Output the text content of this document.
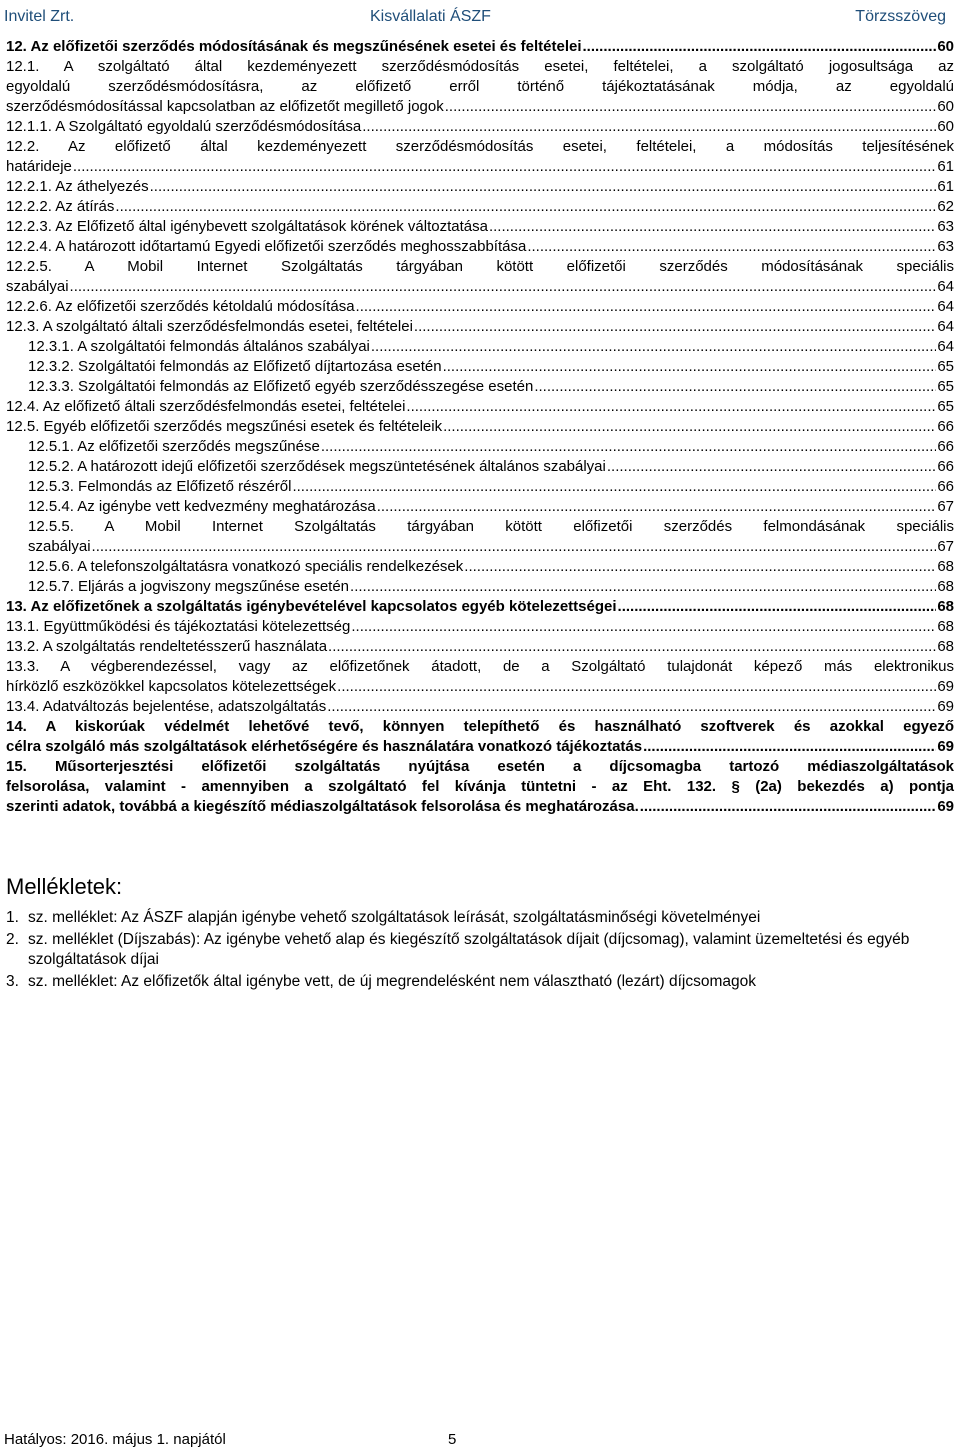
Invitel Zrt.	Kisvállalati ÁSZF	Törzsszöveg
12. Az előfizetői szerződés módosításának és megszűnésének esetei és feltételei .....	60
12.1. A szolgáltató által kezdeményezett szerződésmódosítás esetei, feltételei, a szolgáltató jogosultsága az
egyoldalú szerződésmódosításra, az előfizető erről történő tájékoztatásának módja, az egyoldalú
szerződésmódosítással kapcsolatban az előfizetőt megillető jogok .....	60
12.1.1. A Szolgáltató egyoldalú szerződésmódosítása .....	60
12.2. Az előfizető által kezdeményezett szerződésmódosítás esetei, feltételei, a módosítás teljesítésének
határideje .....	61
12.2.1. Az áthelyezés .....	61
12.2.2. Az átírás .....	62
12.2.3. Az Előfizető által igénybevett szolgáltatások körének változtatása .....	63
12.2.4. A határozott időtartamú Egyedi előfizetői szerződés meghosszabbítása .....	63
12.2.5. A Mobil Internet Szolgáltatás tárgyában kötött előfizetői szerződés módosításának speciális
szabályai .....	64
12.2.6. Az előfizetői szerződés kétoldalú módosítása .....	64
12.3. A szolgáltató általi szerződésfelmondás esetei, feltételei .....	64
12.3.1. A szolgáltatói felmondás általános szabályai .....	64
12.3.2. Szolgáltatói felmondás az Előfizető díjtartozása esetén .....	65
12.3.3. Szolgáltatói felmondás az Előfizető egyéb szerződésszegése esetén .....	65
12.4. Az előfizető általi szerződésfelmondás esetei, feltételei .....	65
12.5. Egyéb előfizetői szerződés megszűnési esetek és feltételeik .....	66
12.5.1. Az előfizetői szerződés megszűnése .....	66
12.5.2. A határozott idejű előfizetői szerződések megszüntetésének általános szabályai .....	66
12.5.3. Felmondás az Előfizető részéről .....	66
12.5.4. Az igénybe vett kedvezmény meghatározása .....	67
12.5.5. A Mobil Internet Szolgáltatás tárgyában kötött előfizetői szerződés felmondásának speciális
szabályai .....	67
12.5.6. A telefonszolgáltatásra vonatkozó speciális rendelkezések .....	68
12.5.7. Eljárás a jogviszony megszűnése esetén .....	68
13. Az előfizetőnek a szolgáltatás igénybevételével kapcsolatos egyéb kötelezettségei .....	68
13.1. Együttműködési és tájékoztatási kötelezettség .....	68
13.2. A szolgáltatás rendeltetésszerű használata .....	68
13.3. A végberendezéssel, vagy az előfizetőnek átadott, de a Szolgáltató tulajdonát képező más elektronikus
hírközlő eszközökkel kapcsolatos kötelezettségek .....	69
13.4. Adatváltozás bejelentése, adatszolgáltatás .....	69
14. A kiskorúak védelmét lehetővé tevő, könnyen telepíthető és használható szoftverek és azokkal egyező
célra szolgáló más szolgáltatások elérhetőségére és használatára vonatkozó tájékoztatás .....	69
15. Műsorterjesztési előfizetői szolgáltatás nyújtása esetén a díjcsomagba tartozó médiaszolgáltatások
felsorolása, valamint - amennyiben a szolgáltató fel kívánja tüntetni - az Eht. 132. § (2a) bekezdés a) pontja
szerinti adatok, továbbá a kiegészítő médiaszolgáltatások felsorolása és meghatározása. .....	69
Mellékletek:
1. sz. melléklet: Az ÁSZF alapján igénybe vehető szolgáltatások leírását, szolgáltatásminőségi követelményei
2. sz. melléklet (Díjszabás): Az igénybe vehető alap és kiegészítő szolgáltatások díjait (díjcsomag), valamint üzemeltetési és egyéb szolgáltatások díjai
3. sz. melléklet: Az előfizetők által igénybe vett, de új megrendelésként nem választható (lezárt) díjcsomagok
Hatályos: 2016. május 1. napjától	5
